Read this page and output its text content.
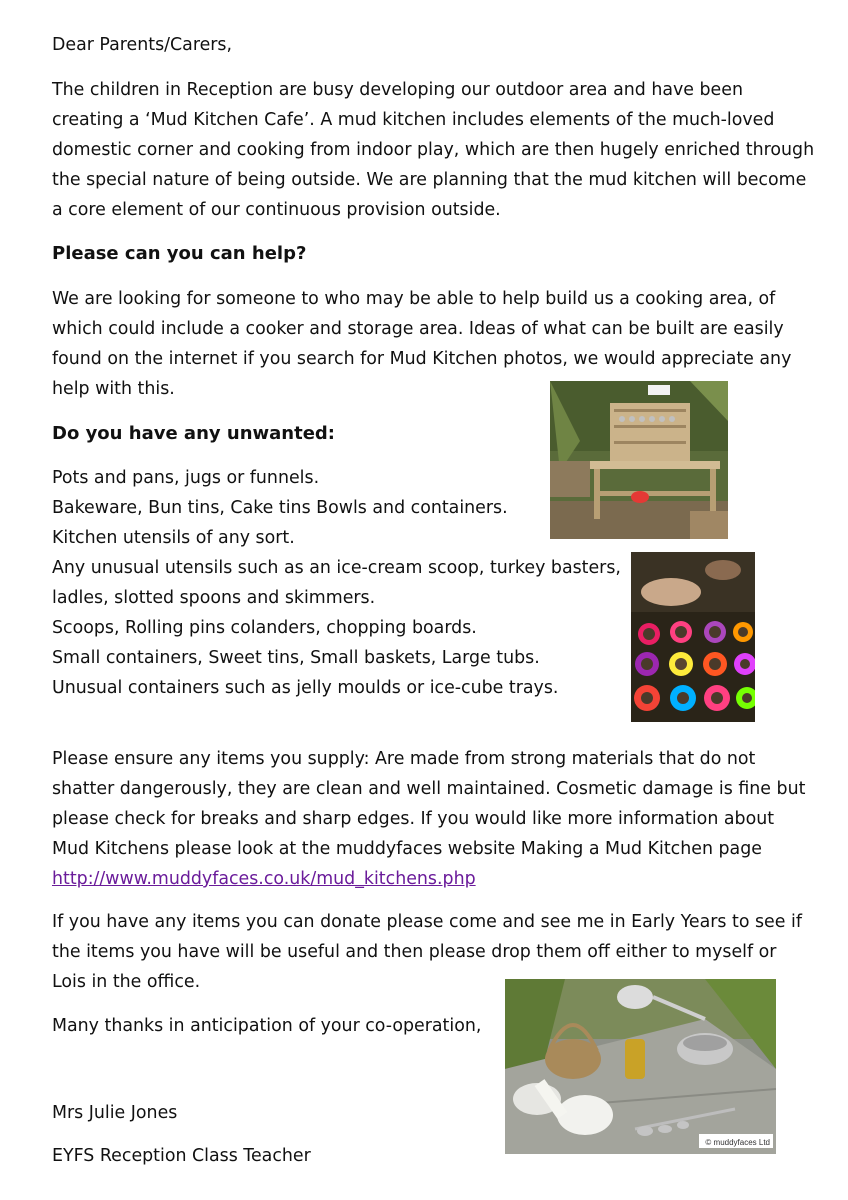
Dear Parents/Carers,
The children in Reception are busy developing our outdoor area and have been
creating a ‘Mud Kitchen Cafe’. A mud kitchen includes elements of the much-loved
domestic corner and cooking from indoor play, which are then hugely enriched through
the special nature of being outside. We are planning that the mud kitchen will become
a core element of our continuous provision outside.
Please can you can help?
We are looking for someone to who may be able to help build us a cooking area, of
which could include a cooker and storage area. Ideas of what can be built are easily
found on the internet if you search for Mud Kitchen photos, we would appreciate any
help with this.
Do you have any unwanted:
Pots and pans, jugs or funnels.
Bakeware, Bun tins, Cake tins Bowls and containers.
Kitchen utensils of any sort.
Any unusual utensils such as an ice-cream scoop, turkey basters,
ladles, slotted spoons and skimmers.
Scoops, Rolling pins colanders, chopping boards.
Small containers, Sweet tins, Small baskets, Large tubs.
Unusual containers such as jelly moulds or ice-cube trays.
Please ensure any items you supply: Are made from strong materials that do not
shatter dangerously, they are clean and well maintained. Cosmetic damage is fine but
please check for breaks and sharp edges. If you would like more information about
Mud Kitchens please look at the muddyfaces website Making a Mud Kitchen page
http://www.muddyfaces.co.uk/mud_kitchens.php
If you have any items you can donate please come and see me in Early Years to see if
the items you have will be useful and then please drop them off either to myself or
Lois in the office.
Many thanks in anticipation of your co-operation,
Mrs Julie Jones
EYFS Reception Class Teacher
© muddyfaces Ltd
